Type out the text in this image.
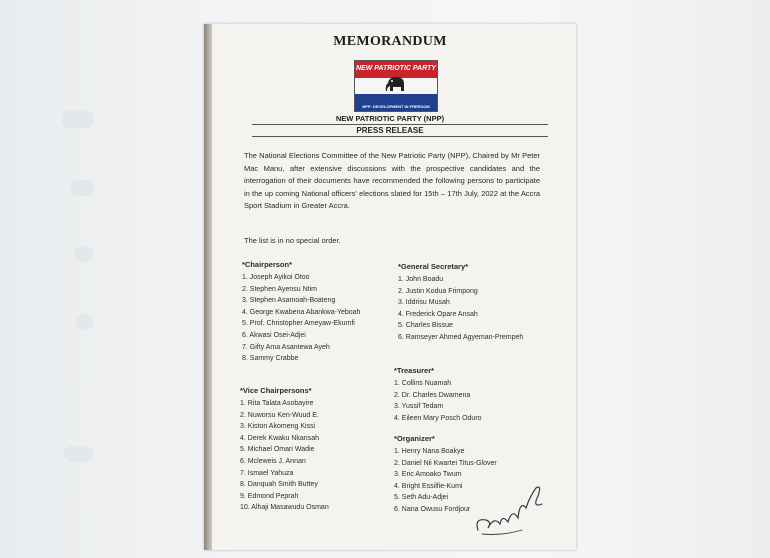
MEMORANDUM
NEW PATRIOTIC PARTY
NPP: DEVELOPMENT IN FREEDOM
NEW PATRIOTIC PARTY (NPP)
PRESS RELEASE
The National Elections Committee of the New Patriotic Party (NPP), Chaired by Mr Peter Mac Manu, after extensive discussions with the prospective candidates and the interrogation of their documents have recommended the following persons to participate in the up coming National officers' elections slated for 15th – 17th July, 2022 at the Accra Sport Stadium in Greater Accra.
The list is in no special order.
*Chairperson*
1. Joseph Ayikoi Otoo
2. Stephen Ayensu Ntim
3. Stephen Asamoah-Boateng
4. George Kwabena Abankwa-Yeboah
5. Prof. Christopher Ameyaw-Ekumfi
6. Akwasi Osei-Adjei
7. Gifty Ama Asantewa Ayeh
8. Sammy Crabbe
*Vice Chairpersons*
1. Rita Talata Asobayire
2. Nuworsu Ken-Wuud E.
3. Kiston Akomeng Kissi
4. Derek Kwaku Nkansah
5. Michael Omari Wadie
6. Mcleweis J. Annan
7. Ismael Yahuza
8. Danquah Smith Buttey
9. Edmond Peprah
10. Alhaji Masawudu Osman
*General Secretary*
1. John Boadu
2. Justin Kodua Frimpong
3. Iddrisu Musah
4. Frederick Opare Ansah
5. Charles Bissue
6. Ramseyer Ahmed Agyeman-Prempeh
*Treasurer*
1. Collins Nuamah
2. Dr. Charles Dwamena
3. Yussif Tedam
4. Eileen Mary Posch Oduro
*Organizer*
1. Henry Nana Boakye
2. Daniel Nii Kwartei Titus-Glover
3. Eric Amoako Twum
4. Bright Essilfie-Kumi
5. Seth Adu-Adjei
6. Nana Owusu Fordjour
